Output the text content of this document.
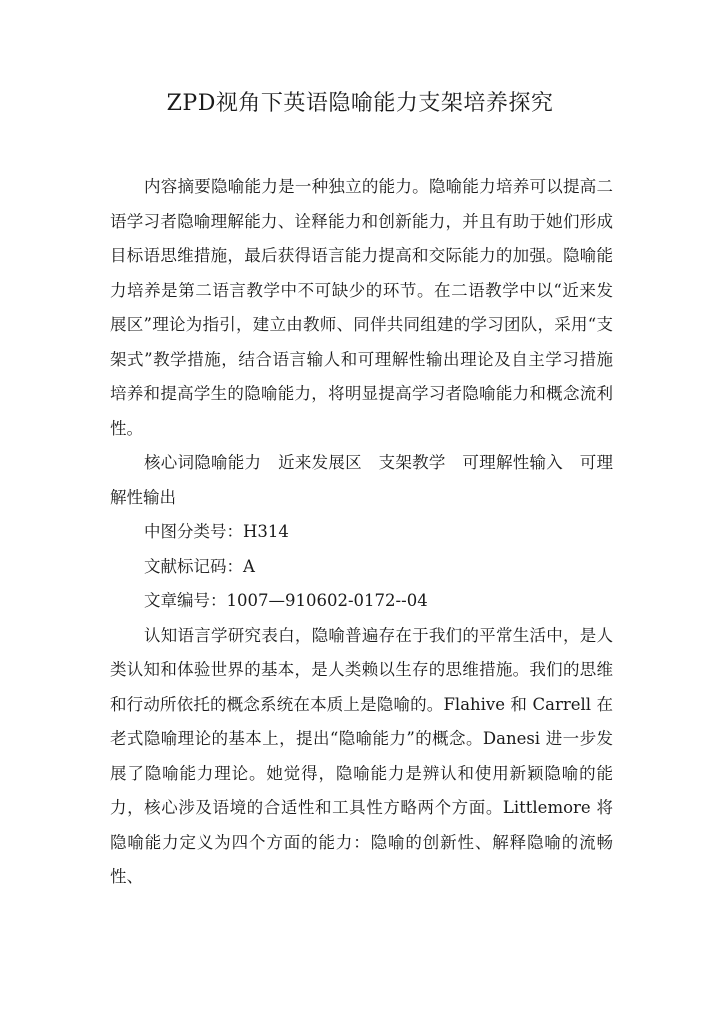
ZPD视角下英语隐喻能力支架培养探究

内容摘要隐喻能力是一种独立的能力。隐喻能力培养可以提高二语学习者隐喻理解能力、诠释能力和创新能力，并且有助于她们形成目标语思维措施，最后获得语言能力提高和交际能力的加强。隐喻能力培养是第二语言教学中不可缺少的环节。在二语教学中以“近来发展区”理论为指引，建立由教师、同伴共同组建的学习团队，采用“支架式”教学措施，结合语言输人和可理解性输出理论及自主学习措施培养和提高学生的隐喻能力，将明显提高学习者隐喻能力和概念流利性。

核心词隐喻能力　近来发展区　支架教学　可理解性输入　可理解性输出

中图分类号：H314

文献标记码：A

文章编号：1007—910602-0172--04

认知语言学研究表白，隐喻普遍存在于我们的平常生活中，是人类认知和体验世界的基本，是人类赖以生存的思维措施。我们的思维和行动所依托的概念系统在本质上是隐喻的。Flahive 和 Carrell 在老式隐喻理论的基本上，提出“隐喻能力”的概念。Danesi 进一步发展了隐喻能力理论。她觉得，隐喻能力是辨认和使用新颖隐喻的能力，核心涉及语境的合适性和工具性方略两个方面。Littlemore 将隐喻能力定义为四个方面的能力：隐喻的创新性、解释隐喻的流畅性、
